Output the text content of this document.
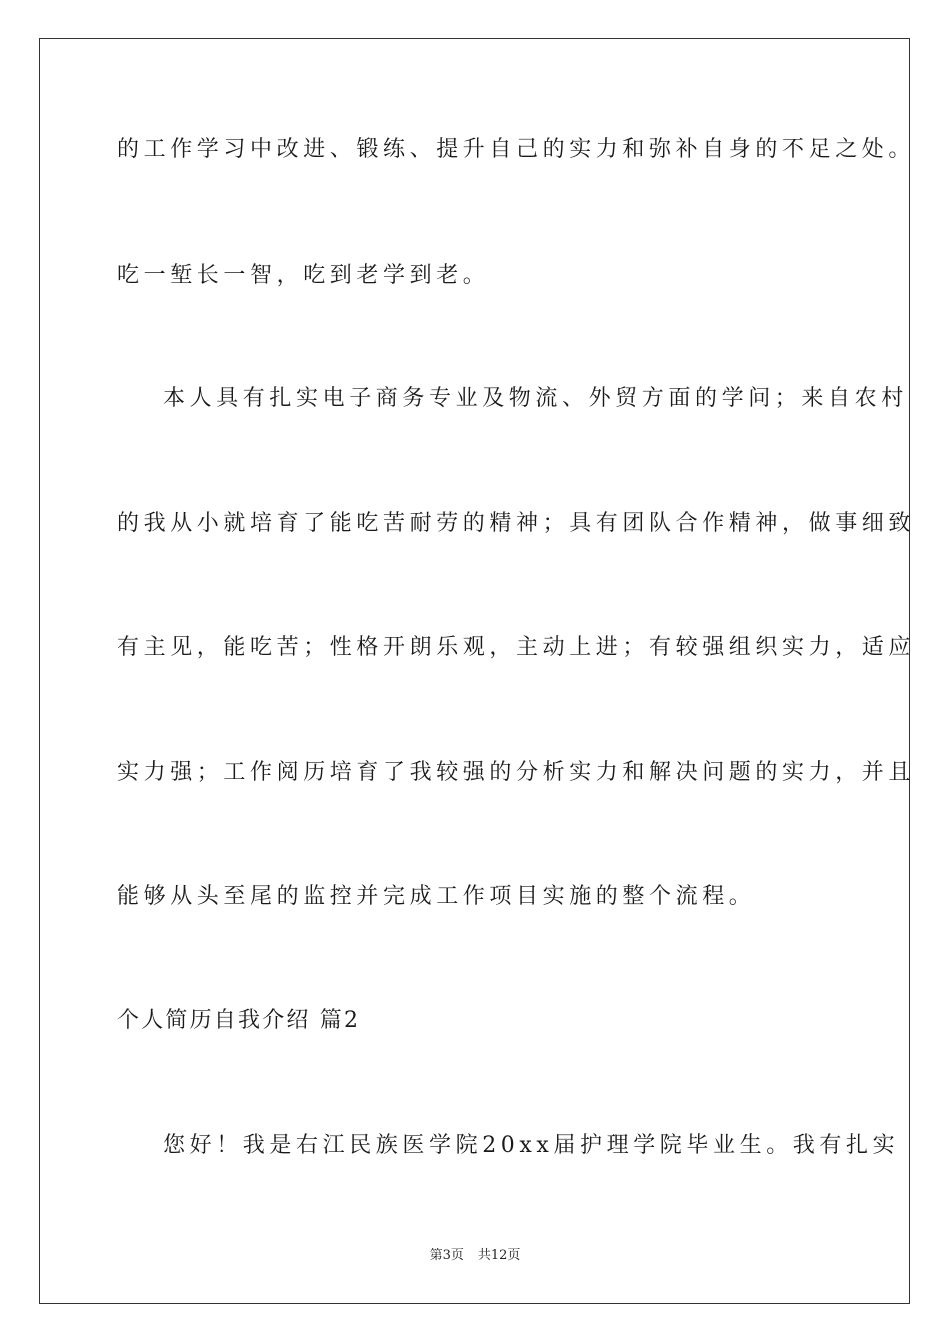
的工作学习中改进、锻练、提升自己的实力和弥补自身的不足之处。
吃一堑长一智，吃到老学到老。
本人具有扎实电子商务专业及物流、外贸方面的学问；来自农村
的我从小就培育了能吃苦耐劳的精神；具有团队合作精神，做事细致
有主见，能吃苦；性格开朗乐观，主动上进；有较强组织实力，适应
实力强；工作阅历培育了我较强的分析实力和解决问题的实力，并且
能够从头至尾的监控并完成工作项目实施的整个流程。
个人简历自我介绍 篇2
您好！我是右江民族医学院20xx届护理学院毕业生。我有扎实
第3页 共12页
